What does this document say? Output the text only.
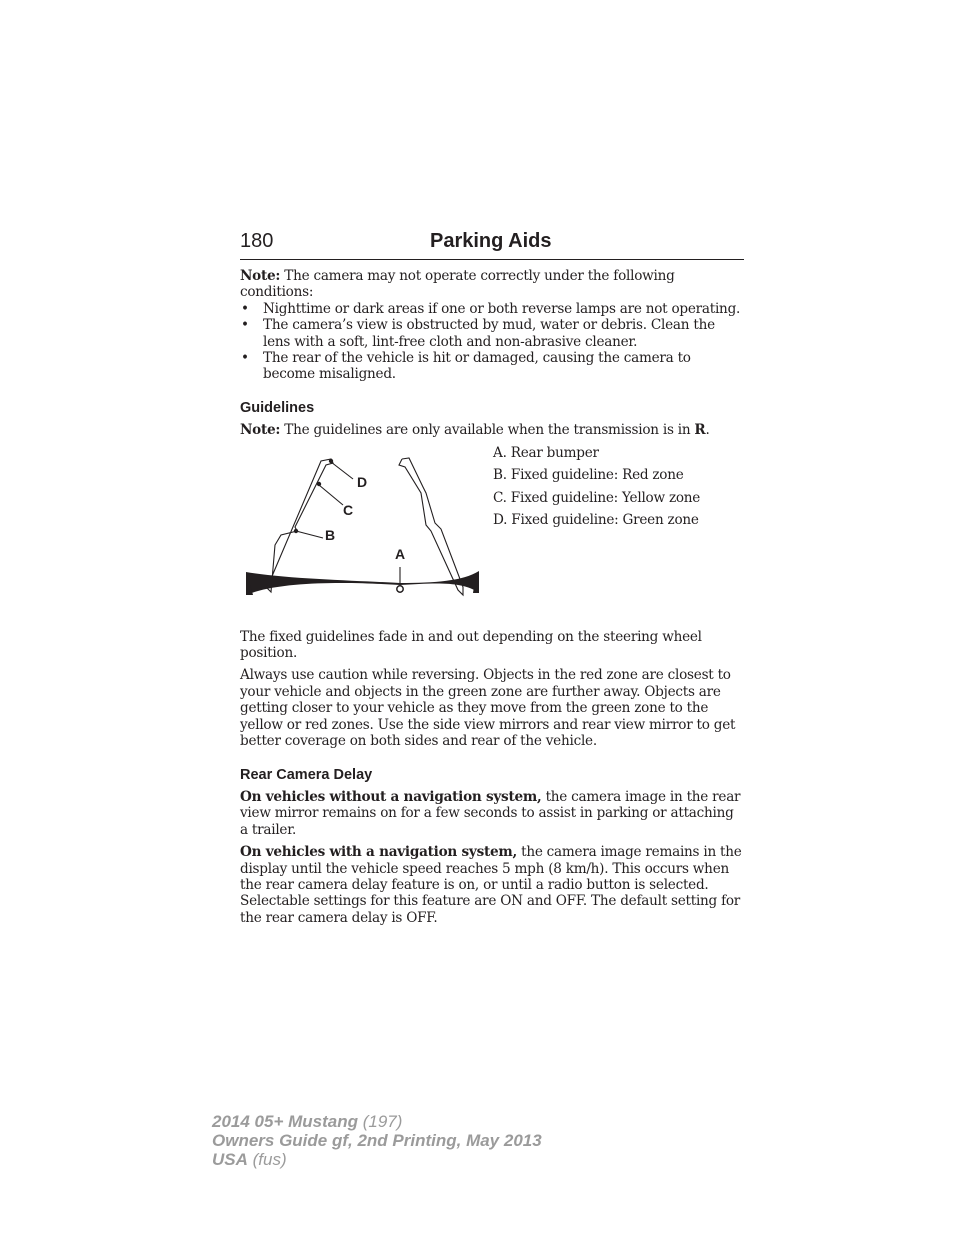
180	Parking Aids

Note: The camera may not operate correctly under the following conditions:

• Nighttime or dark areas if one or both reverse lamps are not operating.
• The camera’s view is obstructed by mud, water or debris. Clean the lens with a soft, lint-free cloth and non-abrasive cleaner.
• The rear of the vehicle is hit or damaged, causing the camera to become misaligned.
Guidelines

Note: The guidelines are only available when the transmission is in R.

D
C
B
A
A. Rear bumper
B. Fixed guideline: Red zone
C. Fixed guideline: Yellow zone
D. Fixed guideline: Green zone

The fixed guidelines fade in and out depending on the steering wheel position.

Always use caution while reversing. Objects in the red zone are closest to your vehicle and objects in the green zone are further away. Objects are getting closer to your vehicle as they move from the green zone to the yellow or red zones. Use the side view mirrors and rear view mirror to get better coverage on both sides and rear of the vehicle.

Rear Camera Delay

On vehicles without a navigation system, the camera image in the rear view mirror remains on for a few seconds to assist in parking or attaching a trailer.

On vehicles with a navigation system, the camera image remains in the display until the vehicle speed reaches 5 mph (8 km/h). This occurs when the rear camera delay feature is on, or until a radio button is selected. Selectable settings for this feature are ON and OFF. The default setting for the rear camera delay is OFF.

2014 05+ Mustang (197)
Owners Guide gf, 2nd Printing, May 2013
USA (fus)
